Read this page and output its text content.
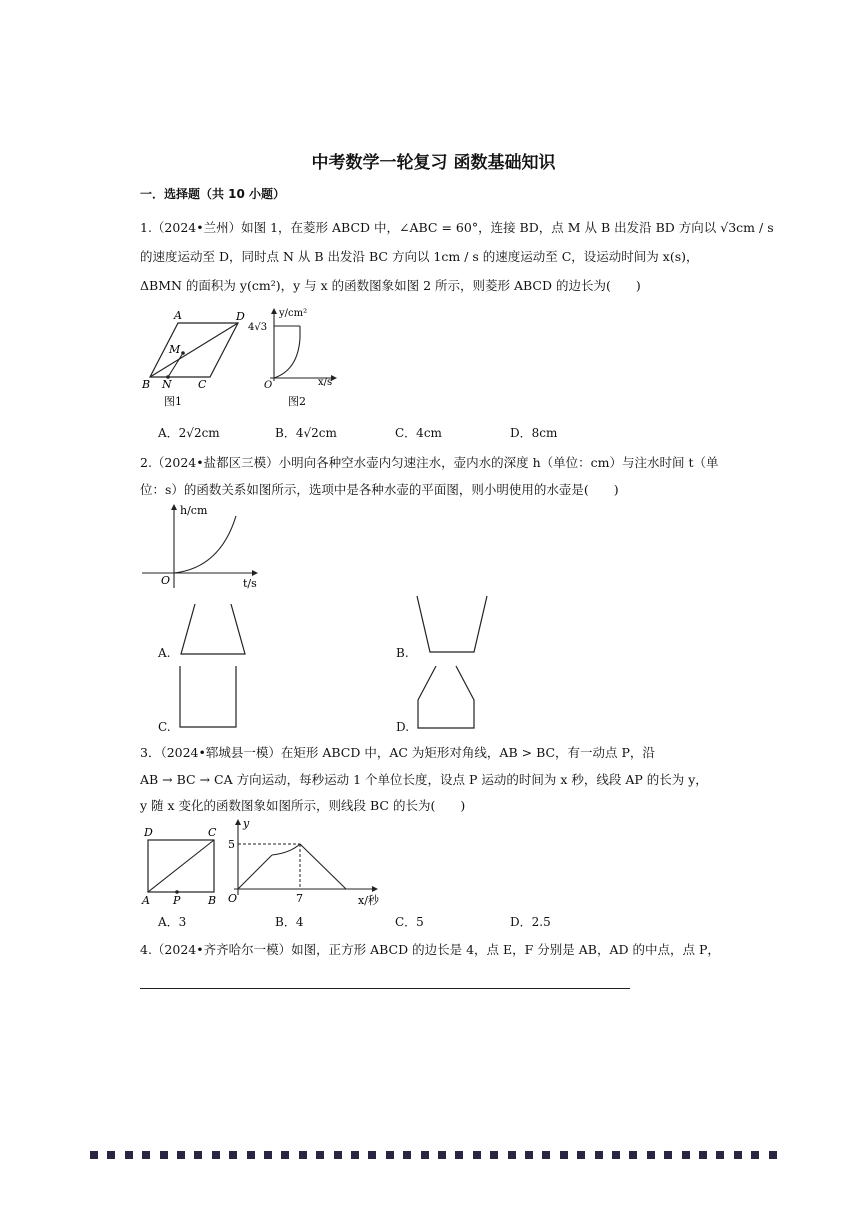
中考数学一轮复习 函数基础知识
一．选择题（共 10 小题）
1.（2024•兰州）如图 1，在菱形 ABCD 中，∠ABC = 60°，连接 BD，点 M 从 B 出发沿 BD 方向以 √3cm / s
的速度运动至 D，同时点 N 从 B 出发沿 BC 方向以 1cm / s 的速度运动至 C，设运动时间为 x(s)，
ΔBMN 的面积为 y(cm²)，y 与 x 的函数图象如图 2 所示，则菱形 ABCD 的边长为(　　)
A	D
M
B N C
图1
y/cm²
4√3
O	x/s
图2
A．2√2cm	B．4√2cm	C．4cm	D．8cm
2.（2024•盐都区三模）小明向各种空水壶内匀速注水，壶内水的深度 h（单位：cm）与注水时间 t（单
位：s）的函数关系如图所示，选项中是各种水壶的平面图，则小明使用的水壶是(　　)
h/cm
O	t/s
A.	B.
C.	D.
3．（2024•郓城县一模）在矩形 ABCD 中，AC 为矩形对角线，AB > BC，有一动点 P，沿
AB → BC → CA 方向运动，每秒运动 1 个单位长度，设点 P 运动的时间为 x 秒，线段 AP 的长为 y，
y 随 x 变化的函数图象如图所示，则线段 BC 的长为(　　)
D	C
A P	B
y
5
O	7	x/秒
A．3	B．4	C．5	D．2.5
4.（2024•齐齐哈尔一模）如图，正方形 ABCD 的边长是 4，点 E，F 分别是 AB，AD 的中点，点 P，
